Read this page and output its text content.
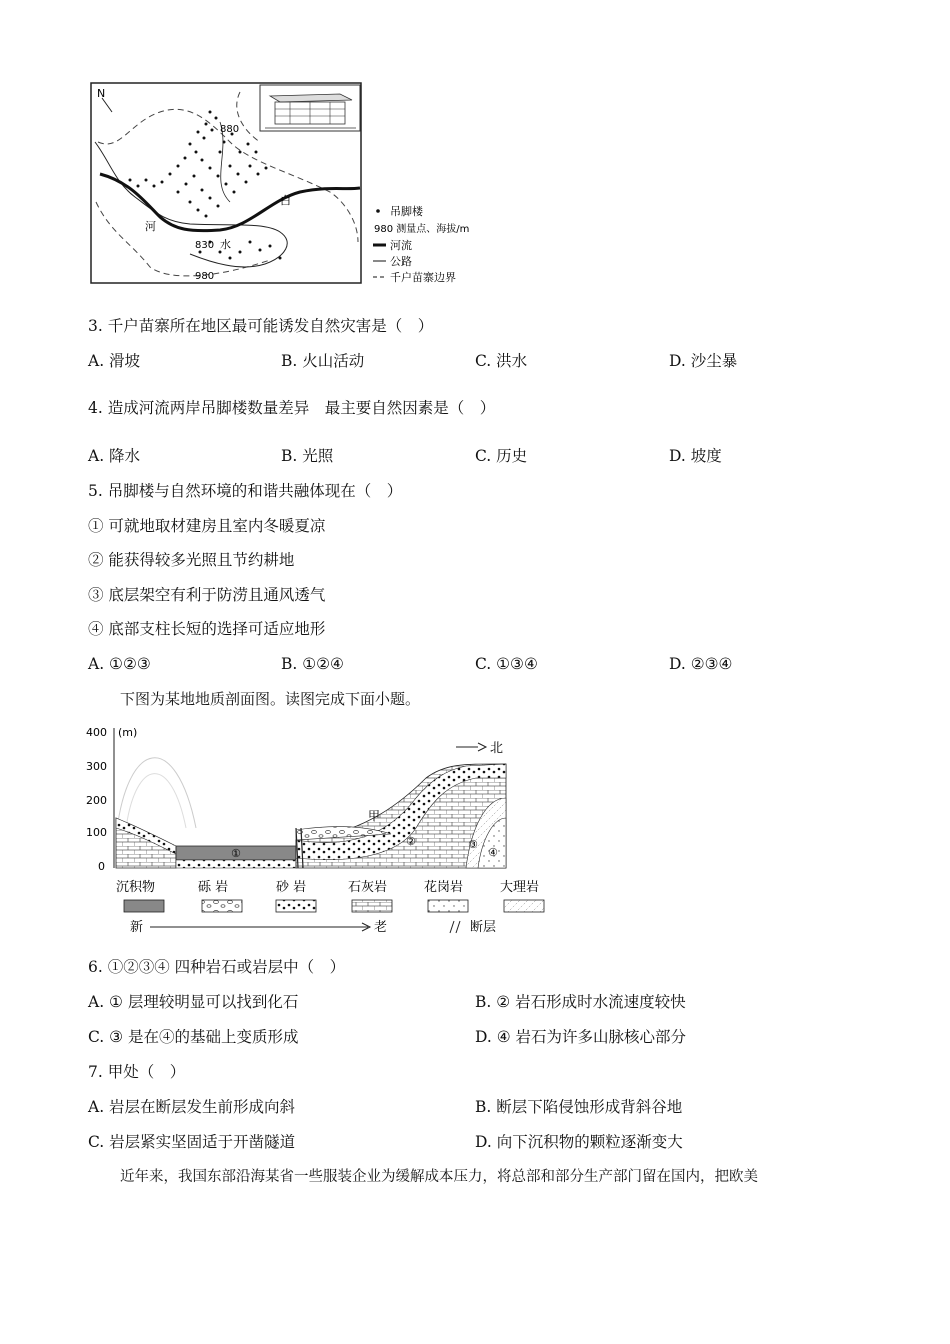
N
880
白
河
830 水
980
吊脚楼
980 测量点、海拔/m
河流
公路
千户苗寨边界
3. 千户苗寨所在地区最可能诱发自然灾害是（　）
A. 滑坡	B. 火山活动	C. 洪水	D. 沙尘暴
4. 造成河流两岸吊脚楼数量差异　最主要自然因素是（　）
A. 降水	B. 光照	C. 历史	D. 坡度
5. 吊脚楼与自然环境的和谐共融体现在（　）
① 可就地取材建房且室内冬暖夏凉
② 能获得较多光照且节约耕地
③ 底层架空有利于防涝且通风透气
④ 底部支柱长短的选择可适应地形
A. ①②③	B. ①②④	C. ①③④	D. ②③④
下图为某地地质剖面图。读图完成下面小题。
400
300
200
100
0
(m)
①
甲
②	③
④
北
沉积物	砾 岩	砂 岩	石灰岩	花岗岩	大理岩
新	老	断层
6. ①②③④ 四种岩石或岩层中（　）
A. ① 层理较明显可以找到化石	B. ② 岩石形成时水流速度较快
C. ③ 是在④的基础上变质形成	D. ④ 岩石为许多山脉核心部分
7. 甲处（　）
A. 岩层在断层发生前形成向斜	B. 断层下陷侵蚀形成背斜谷地
C. 岩层紧实坚固适于开凿隧道	D. 向下沉积物的颗粒逐渐变大
近年来，我国东部沿海某省一些服装企业为缓解成本压力，将总部和部分生产部门留在国内，把欧美
